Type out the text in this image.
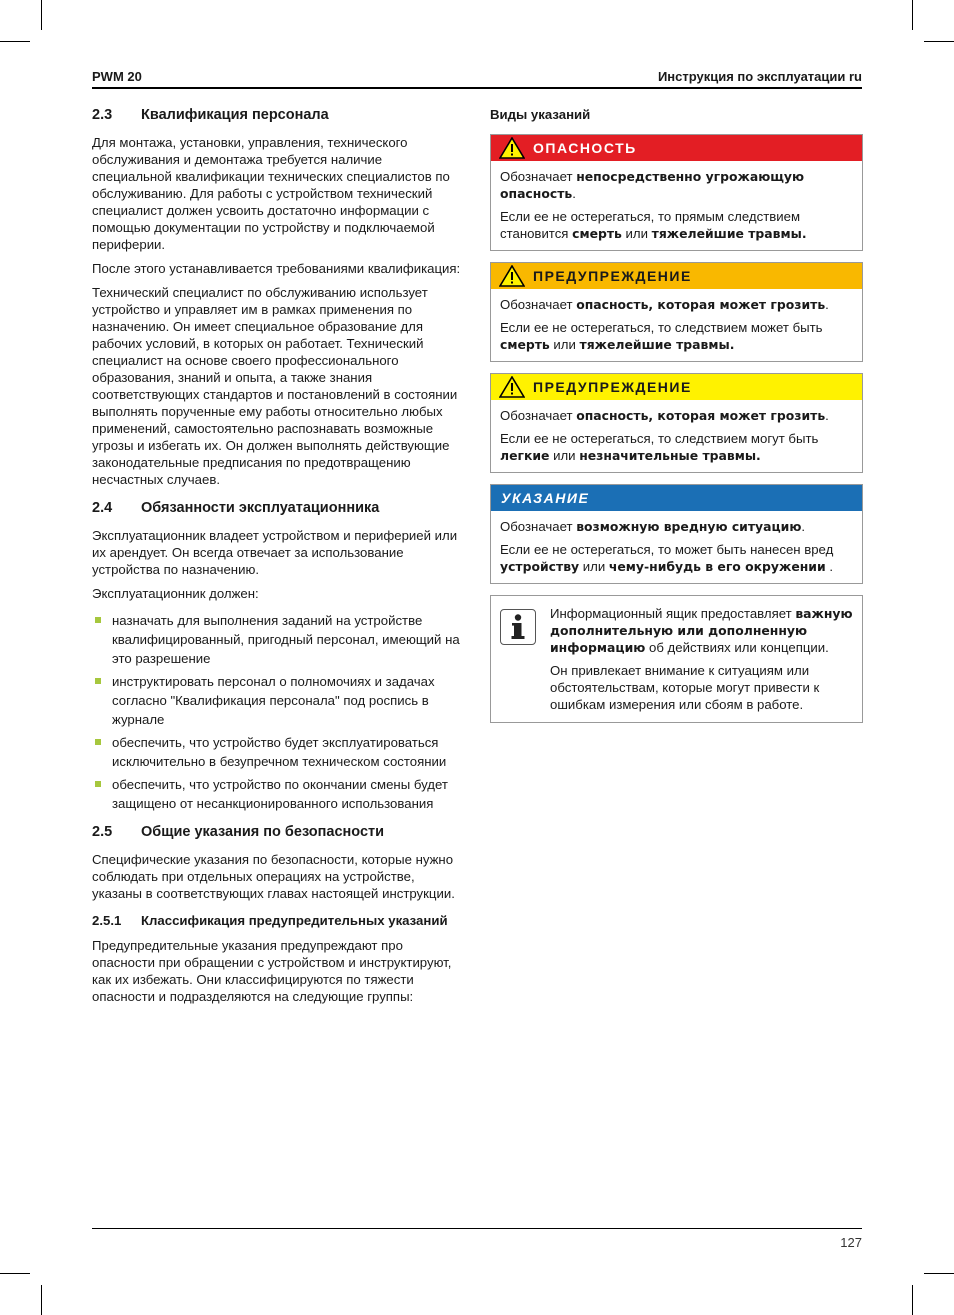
PWM 20	Инструкция по эксплуатации ru
2.3	Квалификация персонала

Для монтажа, установки, управления, технического обслуживания и демонтажа требуется наличие специальной квалификации технических специалистов по обслуживанию. Для работы с устройством технический специалист должен усвоить достаточно информации с помощью документации по устройству и подключаемой периферии.

После этого устанавливается требованиями квалификация:

Технический специалист по обслуживанию использует устройство и управляет им в рамках применения по назначению. Он имеет специальное образование для рабочих условий, в которых он работает. Технический специалист на основе своего профессионального образования, знаний и опыта, а также знания соответствующих стандартов и постановлений в состоянии выполнять порученные ему работы относительно любых применений, самостоятельно распознавать возможные угрозы и избегать их. Он должен выполнять действующие законодательные предписания по предотвращению несчастных случаев.

2.4	Обязанности эксплуатационника

Эксплуатационник владеет устройством и периферией или их арендует. Он всегда отвечает за использование устройства по назначению.

Эксплуатационник должен:

назначать для выполнения заданий на устройстве квалифицированный, пригодный персонал, имеющий на это разрешение
инструктировать персонал о полномочиях и задачах согласно "Квалификация персонала" под роспись в журнале
обеспечить, что устройство будет эксплуатироваться исключительно в безупречном техническом состоянии
обеспечить, что устройство по окончании смены будет защищено от несанкционированного использования
2.5	Общие указания по безопасности

Специфические указания по безопасности, которые нужно соблюдать при отдельных операциях на устройстве, указаны в соответствующих главах настоящей инструкции.

2.5.1	Классификация предупредительных указаний

Предупредительные указания предупреждают про опасности при обращении с устройством и инструктируют, как их избежать. Они классифицируются по тяжести опасности и подразделяются на следующие группы:

Виды указаний
ОПАСНОСТЬ

Обозначает непосредственно угрожающую опасность.

Если ее не остерегаться, то прямым следствием становится смерть или тяжелейшие травмы.

ПРЕДУПРЕЖДЕНИЕ

Обозначает опасность, которая может грозить.

Если ее не остерегаться, то следствием может быть смерть или тяжелейшие травмы.

ПРЕДУПРЕЖДЕНИЕ

Обозначает опасность, которая может грозить.

Если ее не остерегаться, то следствием могут быть легкие или незначительные травмы.

УКАЗАНИЕ

Обозначает возможную вредную ситуацию.

Если ее не остерегаться, то может быть нанесен вред устройству или чему-нибудь в его окружении .

Информационный ящик предоставляет важную дополнительную или дополненную информацию об действиях или концепции.

Он привлекает внимание к ситуациям или обстоятельствам, которые могут привести к ошибкам измерения или сбоям в работе.

127
